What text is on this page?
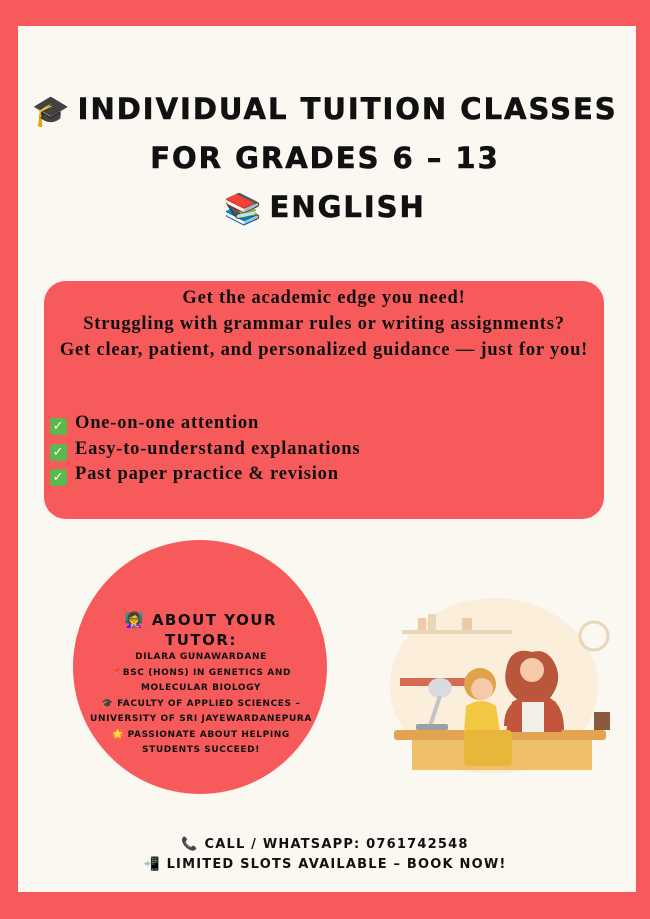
🎓 INDIVIDUAL TUITION CLASSES
FOR GRADES 6 – 13
📚 ENGLISH
Get the academic edge you need!
Struggling with grammar rules or writing assignments?
Get clear, patient, and personalized guidance — just for you!
✓ One-on-one attention
✓ Easy-to-understand explanations
✓ Past paper practice & revision
👩‍🏫 ABOUT YOUR TUTOR:
DILARA GUNAWARDANE
📍BSC (HONS) IN GENETICS AND MOLECULAR BIOLOGY
🎓 FACULTY OF APPLIED SCIENCES – UNIVERSITY OF SRI JAYEWARDANEPURA
🌟 PASSIONATE ABOUT HELPING STUDENTS SUCCEED!
📞 CALL / WHATSAPP: 0761742548
📲 LIMITED SLOTS AVAILABLE – BOOK NOW!
